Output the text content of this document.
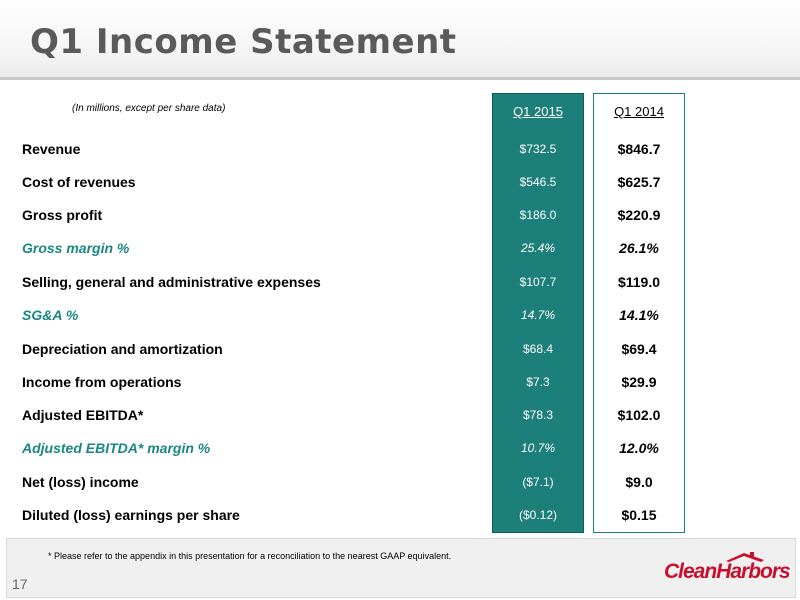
Q1 Income Statement
(In millions, except per share data)	Q1 2015	Q1 2014
Revenue	$732.5	$846.7
Cost of revenues	$546.5	$625.7
Gross profit	$186.0	$220.9
Gross margin %	25.4%	26.1%
Selling, general and administrative expenses	$107.7	$119.0
SG&A %	14.7%	14.1%
Depreciation and amortization	$68.4	$69.4
Income from operations	$7.3	$29.9
Adjusted EBITDA*	$78.3	$102.0
Adjusted EBITDA* margin %	10.7%	12.0%
Net (loss) income	($7.1)	$9.0
Diluted (loss) earnings per share	($0.12)	$0.15
* Please refer to the appendix in this presentation for a reconciliation to the nearest GAAP equivalent.
17
CleanHarbors
